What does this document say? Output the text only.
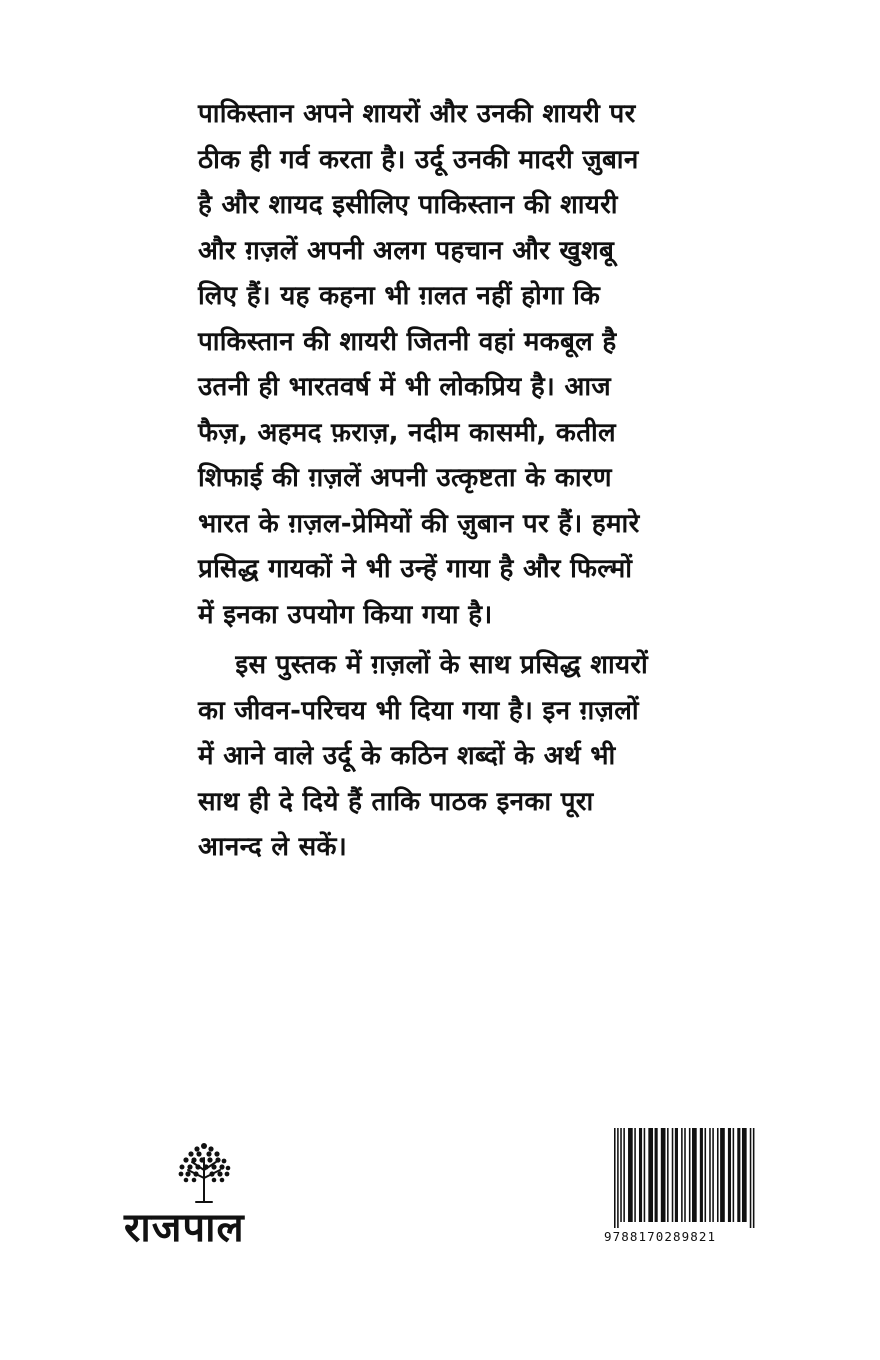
पाकिस्तान अपने शायरों और उनकी शायरी पर
ठीक ही गर्व करता है। उर्दू उनकी मादरी ज़ुबान
है और शायद इसीलिए पाकिस्तान की शायरी
और ग़ज़लें अपनी अलग पहचान और खुशबू
लिए हैं। यह कहना भी ग़लत नहीं होगा कि
पाकिस्तान की शायरी जितनी वहां मकबूल है
उतनी ही भारतवर्ष में भी लोकप्रिय है। आज
फैज़, अहमद फ़राज़, नदीम कासमी, कतील
शिफाई की ग़ज़लें अपनी उत्कृष्टता के कारण
भारत के ग़ज़ल-प्रेमियों की ज़ुबान पर हैं। हमारे
प्रसिद्ध गायकों ने भी उन्हें गाया है और फिल्मों
में इनका उपयोग किया गया है।
इस पुस्तक में ग़ज़लों के साथ प्रसिद्ध शायरों
का जीवन-परिचय भी दिया गया है। इन ग़ज़लों
में आने वाले उर्दू के कठिन शब्दों के अर्थ भी
साथ ही दे दिये हैं ताकि पाठक इनका पूरा
आनन्द ले सकें।
राजपाल	9788170289821
